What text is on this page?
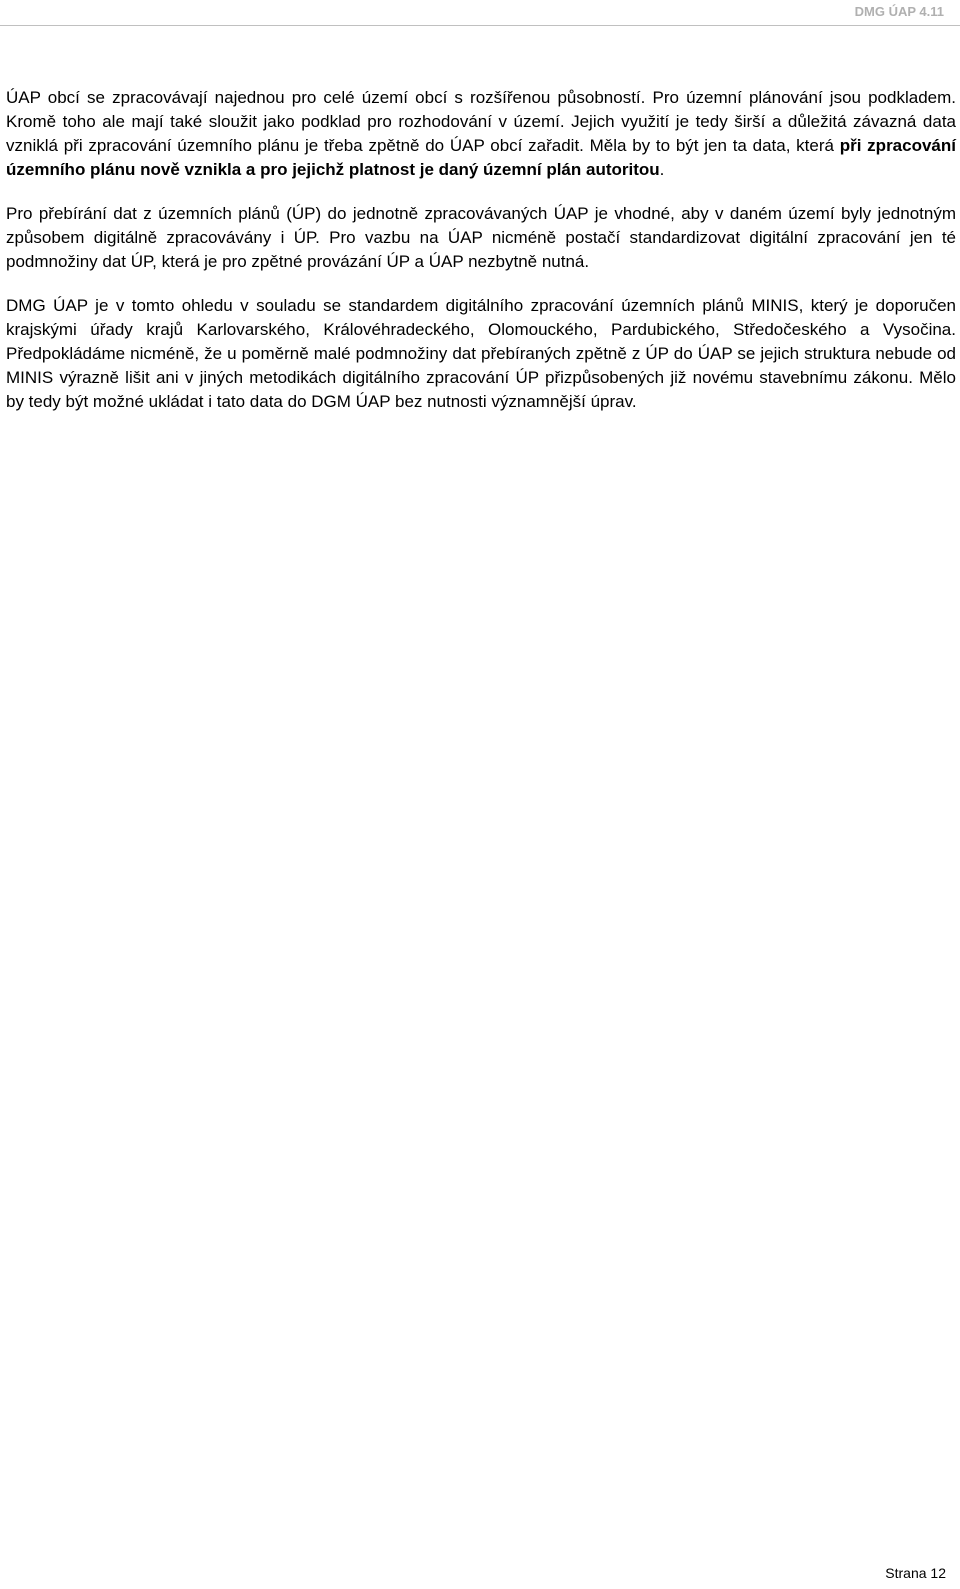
DMG ÚAP 4.11

ÚAP obcí se zpracovávají najednou pro celé území obcí s rozšířenou působností. Pro územní plánování jsou podkladem. Kromě toho ale mají také sloužit jako podklad pro rozhodování v území. Jejich využití je tedy širší a důležitá závazná data vzniklá při zpracování územního plánu je třeba zpětně do ÚAP obcí zařadit. Měla by to být jen ta data, která při zpracování územního plánu nově vznikla a pro jejichž platnost je daný územní plán autoritou.

Pro přebírání dat z územních plánů (ÚP) do jednotně zpracovávaných ÚAP je vhodné, aby v daném území byly jednotným způsobem digitálně zpracovávány i ÚP. Pro vazbu na ÚAP nicméně postačí standardizovat digitální zpracování jen té podmnožiny dat ÚP, která je pro zpětné provázání ÚP a ÚAP nezbytně nutná.

DMG ÚAP je v tomto ohledu v souladu se standardem digitálního zpracování územních plánů MINIS, který je doporučen krajskými úřady krajů Karlovarského, Královéhradeckého, Olomouckého, Pardubického, Středočeského a Vysočina. Předpokládáme nicméně, že u poměrně malé podmnožiny dat přebíraných zpětně z ÚP do ÚAP se jejich struktura nebude od MINIS výrazně lišit ani v jiných metodikách digitálního zpracování ÚP přizpůsobených již novému stavebnímu zákonu. Mělo by tedy být možné ukládat i tato data do DGM ÚAP bez nutnosti významnější úprav.

Strana 12
